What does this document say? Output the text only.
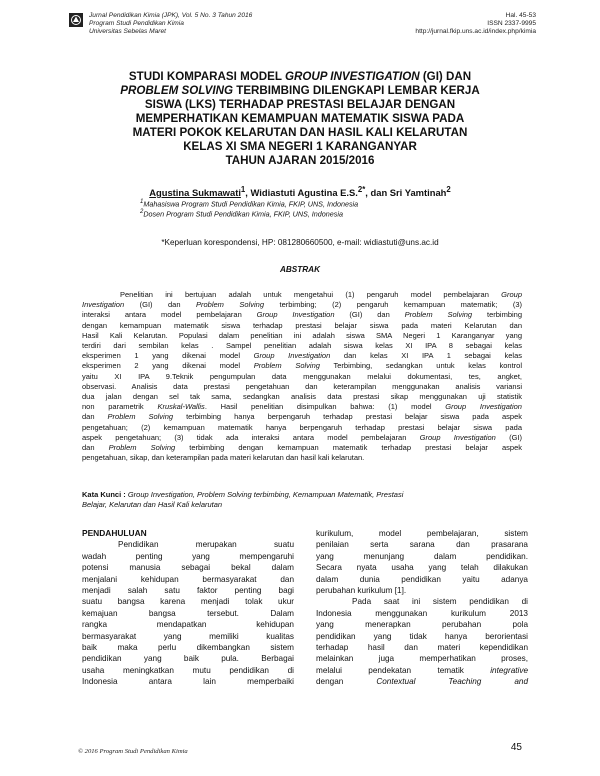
Jurnal Pendidikan Kimia (JPK), Vol. 5 No. 3 Tahun 2016
Program Studi Pendidikan Kimia
Universitas Sebelas Maret
Hal. 45-53
ISSN 2337-9995
http://jurnal.fkip.uns.ac.id/index.php/kimia
STUDI KOMPARASI MODEL GROUP INVESTIGATION (GI) DAN
PROBLEM SOLVING TERBIMBING DILENGKAPI LEMBAR KERJA
SISWA (LKS) TERHADAP PRESTASI BELAJAR DENGAN
MEMPERHATIKAN KEMAMPUAN MATEMATIK SISWA PADA
MATERI POKOK KELARUTAN DAN HASIL KALI KELARUTAN
KELAS XI SMA NEGERI 1 KARANGANYAR
TAHUN AJARAN 2015/2016
Agustina Sukmawati$^1$, Widiastuti Agustina E.S.$^{2*}$, dan Sri Yamtinah$^2$
$^1$Mahasiswa Program Studi Pendidikan Kimia, FKIP, UNS, Indonesia
$^2$Dosen Program Studi Pendidikan Kimia, FKIP, UNS, Indonesia
*Keperluan korespondensi, HP: 081280660500, e-mail: widiastuti@uns.ac.id
ABSTRAK

Penelitian ini bertujuan adalah untuk mengetahui (1) pengaruh model pembelajaran Group
Investigation (GI) dan Problem Solving terbimbing; (2) pengaruh kemampuan matematik; (3)
interaksi antara model pembelajaran Group Investigation (GI) dan Problem Solving terbimbing
dengan kemampuan matematik siswa terhadap prestasi belajar siswa pada materi Kelarutan dan
Hasil Kali Kelarutan. Populasi dalam penelitian ini adalah siswa SMA Negeri 1 Karanganyar yang
terdiri dari sembilan kelas . Sampel penelitian adalah siswa kelas XI IPA 8 sebagai kelas
eksperimen 1 yang dikenai model Group Investigation dan kelas XI IPA 1 sebagai kelas
eksperimen 2 yang dikenai model Problem Solving Terbimbing, sedangkan untuk kelas kontrol
yaitu XI IPA 9.Teknik pengumpulan data menggunakan melalui dokumentasi, tes, angket,
observasi. Analisis data prestasi pengetahuan dan keterampilan menggunakan analisis variansi
dua jalan dengan sel tak sama, sedangkan analisis data prestasi sikap menggunakan uji statistik
non parametrik Kruskal-Wallis. Hasil penelitian disimpulkan bahwa: (1) model Group Investigation
dan Problem Solving terbimbing hanya berpengaruh terhadap prestasi belajar siswa pada aspek
pengetahuan; (2) kemampuan matematik hanya berpengaruh terhadap prestasi belajar siswa pada
aspek pengetahuan; (3) tidak ada interaksi antara model pembelajaran Group Investigation (GI)
dan Problem Solving terbimbing dengan kemampuan matematik terhadap prestasi belajar aspek
pengetahuan, sikap, dan keterampilan pada materi kelarutan dan hasil kali kelarutan.

Kata Kunci : Group Investigation, Problem Solving terbimbing, Kemampuan Matematik, Prestasi
Belajar, Kelarutan dan Hasil Kali kelarutan
PENDAHULUAN
Pendidikan merupakan suatu
wadah penting yang mempengaruhi
potensi manusia sebagai bekal dalam
menjalani kehidupan bermasyarakat dan
menjadi salah satu faktor penting bagi
suatu bangsa karena menjadi tolak ukur
kemajuan bangsa tersebut. Dalam
rangka mendapatkan kehidupan
bermasyarakat yang memiliki kualitas
baik maka perlu dikembangkan sistem
pendidikan yang baik pula. Berbagai
usaha meningkatkan mutu pendidikan di
Indonesia antara lain memperbaiki
kurikulum, model pembelajaran, sistem
penilaian serta sarana dan prasarana
yang menunjang dalam pendidikan.
Secara nyata usaha yang telah dilakukan
dalam dunia pendidikan yaitu adanya
perubahan kurikulum [1].
Pada saat ini sistem pendidikan di
Indonesia menggunakan kurikulum 2013
yang menerapkan perubahan pola
pendidikan yang tidak hanya berorientasi
terhadap hasil dan materi kependidikan
melainkan juga memperhatikan proses,
melalui pendekatan tematik integrative
dengan Contextual Teaching and
© 2016 Program Studi Pendidikan Kimia	45
